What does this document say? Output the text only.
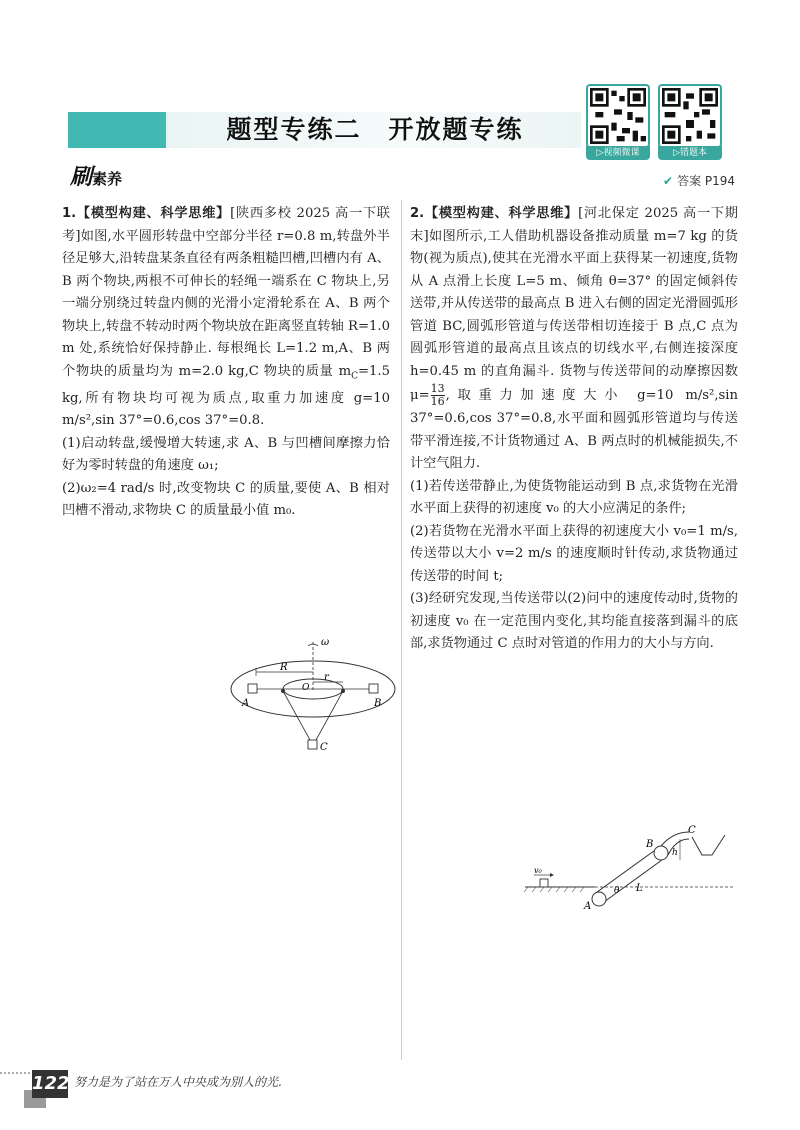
题型专练二　开放题专练
▷视频微课	▷错题本
刷素养	✔ 答案 P194

1.【模型构建、科学思维】[陕西多校 2025 高一下联考]如图,水平圆形转盘中空部分半径 r=0.8 m,转盘外半径足够大,沿转盘某条直径有两条粗糙凹槽,凹槽内有 A、B 两个物块,两根不可伸长的轻绳一端系在 C 物块上,另一端分别绕过转盘内侧的光滑小定滑轮系在 A、B 两个物块上,转盘不转动时两个物块放在距离竖直转轴 R=1.0 m 处,系统恰好保持静止. 每根绳长 L=1.2 m,A、B 两个物块的质量均为 m=2.0 kg,C 物块的质量 $m_C=1.5$ kg,所有物块均可视为质点,取重力加速度 g=10 m/s²,sin 37°=0.6,cos 37°=0.8.

(1)启动转盘,缓慢增大转速,求 A、B 与凹槽间摩擦力恰好为零时转盘的角速度 ω₁;

(2)ω₂=4 rad/s 时,改变物块 C 的质量,要使 A、B 相对凹槽不滑动,求物块 C 的质量最小值 m₀.

ω
R
r
O
A	B
C

2.【模型构建、科学思维】[河北保定 2025 高一下期末]如图所示,工人借助机器设备推动质量 m=7 kg 的货物(视为质点),使其在光滑水平面上获得某一初速度,货物从 A 点滑上长度 L=5 m、倾角 θ=37° 的固定倾斜传送带,并从传送带的最高点 B 进入右侧的固定光滑圆弧形管道 BC,圆弧形管道与传送带相切连接于 B 点,C 点为圆弧形管道的最高点且该点的切线水平,右侧连接深度 h=0.45 m 的直角漏斗. 货物与传送带间的动摩擦因数 $\mu= \frac{13}{16}$ ,取重力加速度大小 g=10 m/s²,sin 37°=0.6,cos 37°=0.8,水平面和圆弧形管道均与传送带平滑连接,不计货物通过 A、B 两点时的机械能损失,不计空气阻力.

(1)若传送带静止,为使货物能运动到 B 点,求货物在光滑水平面上获得的初速度 v₀ 的大小应满足的条件;

(2)若货物在光滑水平面上获得的初速度大小 v₀=1 m/s,传送带以大小 v=2 m/s 的速度顺时针传动,求货物通过传送带的时间 t;

(3)经研究发现,当传送带以(2)问中的速度传动时,货物的初速度 v₀ 在一定范围内变化,其均能直接落到漏斗的底部,求货物通过 C 点时对管道的作用力的大小与方向.

v₀
A
B
θ L
C
h
122 努力是为了站在万人中央成为别人的光.
